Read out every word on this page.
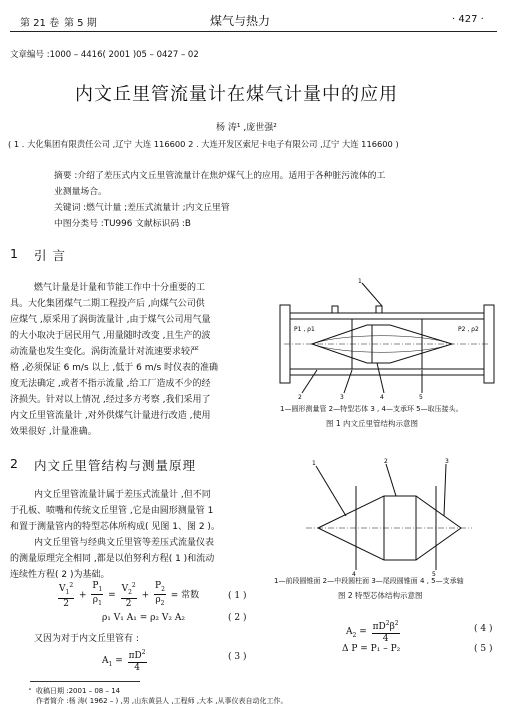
第 21 卷 第 5 期	煤气与热力	· 427 ·
文章编号 :1000 – 4416( 2001 )05 – 0427 – 02
内文丘里管流量计在煤气计量中的应用
杨 涛¹ ,庞世强²
( 1 . 大化集团有限责任公司 ,辽宁 大连 116600 2 . 大连开发区索尼卡电子有限公司 ,辽宁 大连 116600 )
摘要 :介绍了差压式内文丘里管流量计在焦炉煤气上的应用。适用于各种脏污流体的工
业测量场合。
关键词 :燃气计量 ;差压式流量计 ;内文丘里管
中图分类号 :TU996 文献标识码 :B
1 引 言
燃气计量是计量和节能工作中十分重要的工
具。大化集团煤气二期工程投产后 ,向煤气公司供
应煤气 ,原采用了涡街流量计 ,由于煤气公司用气量
的大小取决于居民用气 ,用量随时改变 ,且生产的波
动流量也发生变化。涡街流量计对流速要求较严
格 ,必须保证 6 m/s 以上 ,低于 6 m/s 时仪表的准确
度无法确定 ,或者不指示流量 ,给工厂造成不少的经
济损失。针对以上情况 ,经过多方考察 ,我们采用了
内文丘里管流量计 ,对外供煤气计量进行改造 ,使用
效果很好 ,计量准确。
2 内文丘里管结构与测量原理
内文丘里管流量计属于差压式流量计 ,但不同
于孔板、喷嘴和传统文丘里管 ,它是由圆形测量管 1
和置于测量管内的特型芯体所构成( 见图 1、图 2 )。
内文丘里管与经典文丘里管等差压式流量仪表
的测量原理完全相同 ,都是以伯努利方程( 1 )和流动
连续性方程( 2 )为基础。
$\frac{V_1^2}{2} + \frac{P_1}{\rho_1} = \frac{V_2^2}{2} + \frac{P_2}{\rho_2}$ = 常数	( 1 )
ρ₁ V₁ A₁ = ρ₂ V₂ A₂	( 2 )
又因为对于内文丘里管有 :
$A_1 = \frac{\pi D^2}{4}$	( 3 )
$A_2 = \frac{\pi D^2\beta^2}{4}$	( 4 )
Δ P = P₁ – P₂	( 5 )
∘ 收稿日期 :2001 – 08 – 14
作者简介 :杨 涛( 1962 – ) ,男 ,山东黄县人 ,工程师 ,大本 ,从事仪表自动化工作。
P1 , ρ1	P2 , ρ2
1
2	3	4	5
1—圆形测量管 2—特型芯体 3 , 4—支承环 5—取压接头。
图 1 内文丘里管结构示意图
1	2	3
4	5
1—前段圆锥面 2—中段圆柱面 3—尾段圆锥面 4 , 5—支承轴
图 2 特型芯体结构示意图
